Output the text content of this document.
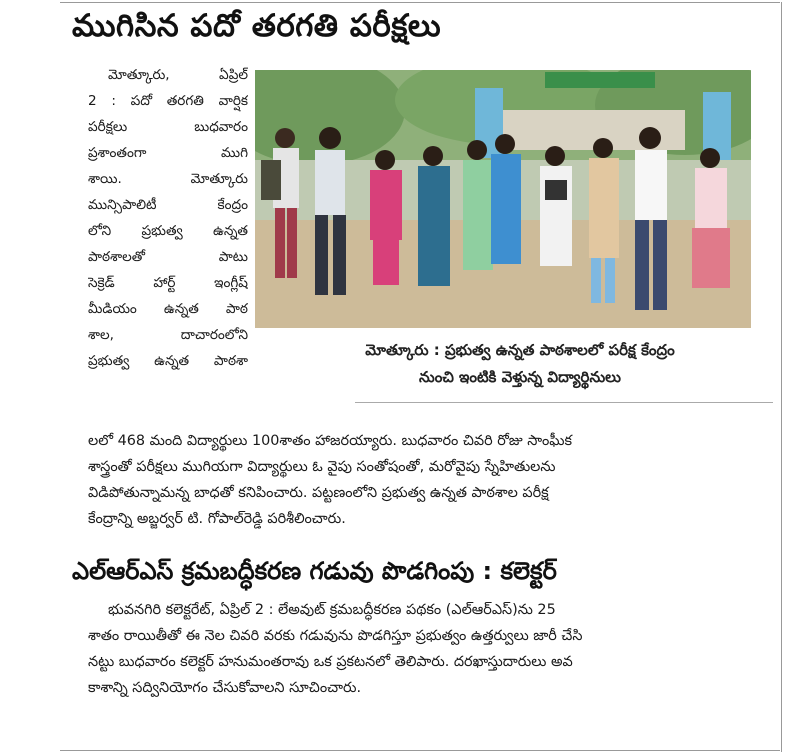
ముగిసిన పదో తరగతి పరీక్షలు
మోత్కూరు, ఏప్రిల్
2 : పదో తరగతి వార్షిక
పరీక్షలు బుధవారం
ప్రశాంతంగా ముగి
శాయి. మోత్కూరు
మున్సిపాలిటీ కేంద్రం
లోని ప్రభుత్వ ఉన్నత
పాఠశాలతో పాటు
సెక్రెడ్ హార్ట్ ఇంగ్లీష్
మీడియం ఉన్నత పాఠ
శాల, దాచారంలోని
ప్రభుత్వ ఉన్నత పాఠశా
మోత్కూరు : ప్రభుత్వ ఉన్నత పాఠశాలలో పరీక్ష కేంద్రం
నుంచి ఇంటికి వెళ్తున్న విద్యార్థినులు
లలో 468 మంది విద్యార్థులు 100శాతం హాజరయ్యారు. బుధవారం చివరి రోజు సాంఘీక
శాస్త్రంతో పరీక్షలు ముగియగా విద్యార్థులు ఓ వైపు సంతోషంతో, మరోవైపు స్నేహితులను
విడిపోతున్నామన్న బాధతో కనిపించారు. పట్టణంలోని ప్రభుత్వ ఉన్నత పాఠశాల పరీక్ష
కేంద్రాన్ని అబ్జర్వర్ టి. గోపాల్‌రెడ్డి పరిశీలించారు.
ఎల్ఆర్ఎస్ క్రమబద్ధీకరణ గడువు పొడగింపు : కలెక్టర్
భువనగిరి కలెక్టరేట్, ఏప్రిల్ 2 : లేఅవుట్ క్రమబద్ధీకరణ పథకం (ఎల్ఆర్ఎస్)ను 25
శాతం రాయితీతో ఈ నెల చివరి వరకు గడువును పొడగిస్తూ ప్రభుత్వం ఉత్తర్వులు జారీ చేసి
నట్టు బుధవారం కలెక్టర్ హనుమంతరావు ఒక ప్రకటనలో తెలిపారు. దరఖాస్తుదారులు అవ
కాశాన్ని సద్వినియోగం చేసుకోవాలని సూచించారు.
